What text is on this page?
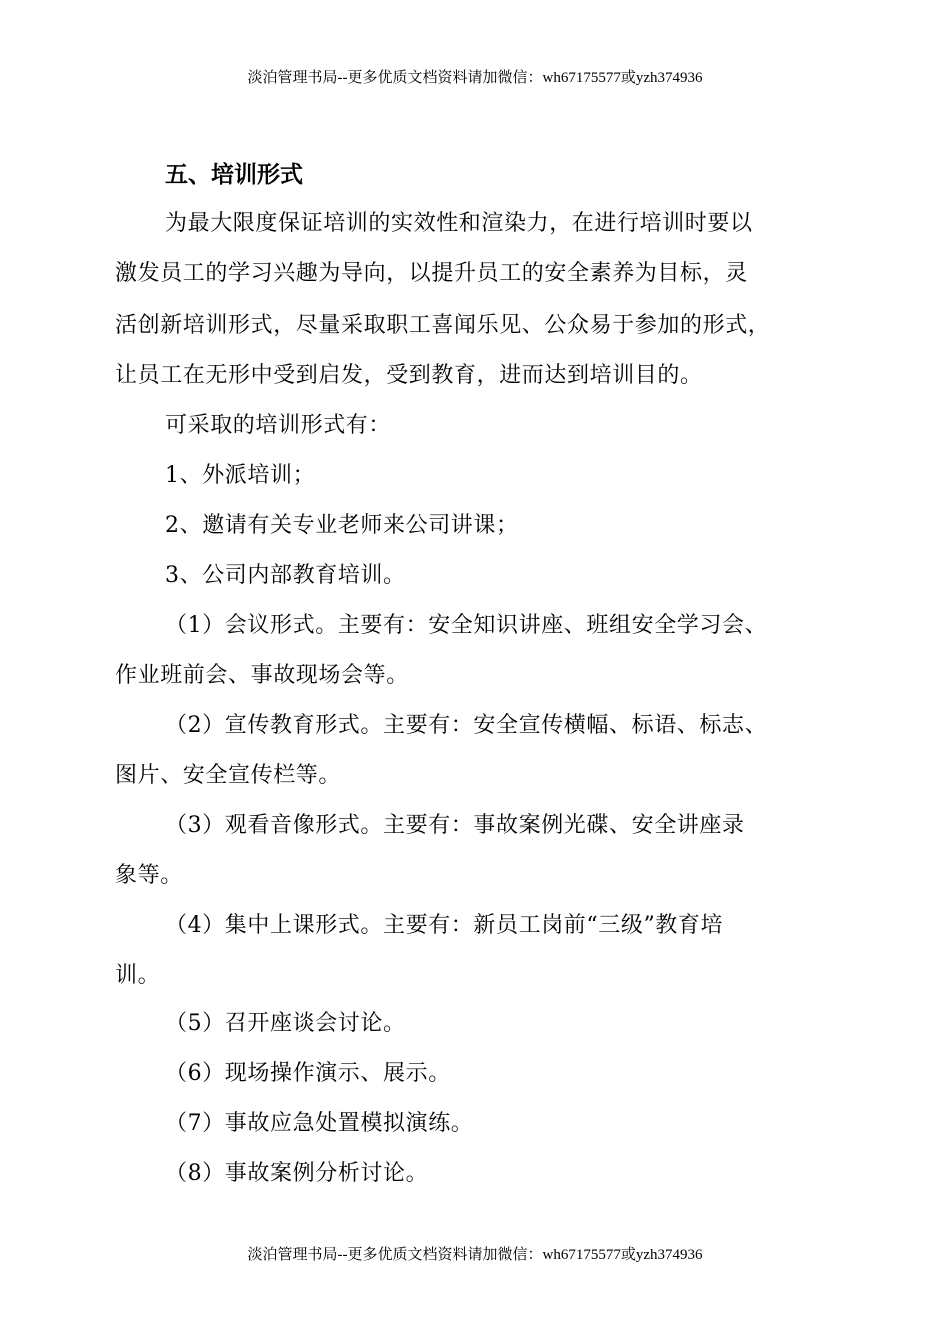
淡泊管理书局--更多优质文档资料请加微信：wh67175577或yzh374936
五、培训形式
为最大限度保证培训的实效性和渲染力，在进行培训时要以
激发员工的学习兴趣为导向，以提升员工的安全素养为目标，灵
活创新培训形式，尽量采取职工喜闻乐见、公众易于参加的形式，
让员工在无形中受到启发，受到教育，进而达到培训目的。
可采取的培训形式有：
1、外派培训；
2、邀请有关专业老师来公司讲课；
3、公司内部教育培训。
（1）会议形式。主要有：安全知识讲座、班组安全学习会、
作业班前会、事故现场会等。
（2）宣传教育形式。主要有：安全宣传横幅、标语、标志、
图片、安全宣传栏等。
（3）观看音像形式。主要有：事故案例光碟、安全讲座录
象等。
（4）集中上课形式。主要有：新员工岗前“三级”教育培
训。
（5）召开座谈会讨论。
（6）现场操作演示、展示。
（7）事故应急处置模拟演练。
（8）事故案例分析讨论。
淡泊管理书局--更多优质文档资料请加微信：wh67175577或yzh374936
